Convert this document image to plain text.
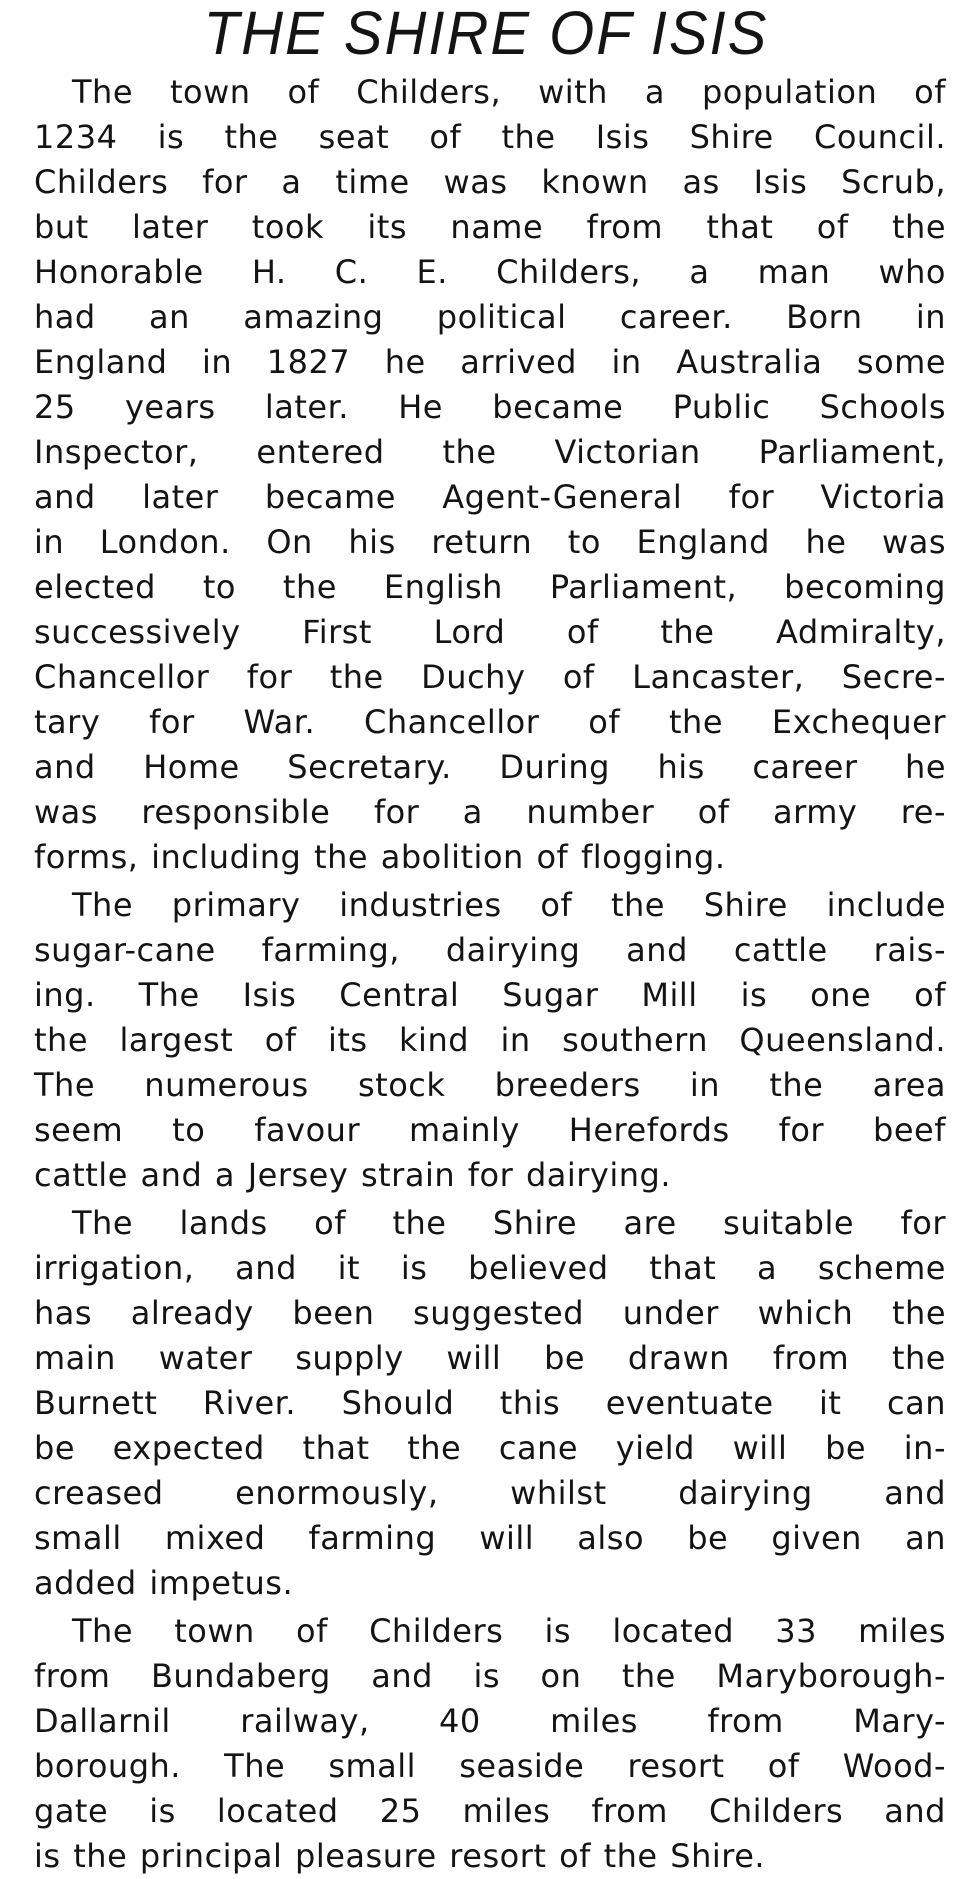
THE SHIRE OF ISIS
The town of Childers, with a population of
1234 is the seat of the Isis Shire Council.
Childers for a time was known as Isis Scrub,
but later took its name from that of the
Honorable H. C. E. Childers, a man who
had an amazing political career. Born in
England in 1827 he arrived in Australia some
25 years later. He became Public Schools
Inspector, entered the Victorian Parliament,
and later became Agent-General for Victoria
in London. On his return to England he was
elected to the English Parliament, becoming
successively First Lord of the Admiralty,
Chancellor for the Duchy of Lancaster, Secre-
tary for War. Chancellor of the Exchequer
and Home Secretary. During his career he
was responsible for a number of army re-
forms, including the abolition of flogging.
The primary industries of the Shire include
sugar-cane farming, dairying and cattle rais-
ing. The Isis Central Sugar Mill is one of
the largest of its kind in southern Queensland.
The numerous stock breeders in the area
seem to favour mainly Herefords for beef
cattle and a Jersey strain for dairying.
The lands of the Shire are suitable for
irrigation, and it is believed that a scheme
has already been suggested under which the
main water supply will be drawn from the
Burnett River. Should this eventuate it can
be expected that the cane yield will be in-
creased enormously, whilst dairying and
small mixed farming will also be given an
added impetus.
The town of Childers is located 33 miles
from Bundaberg and is on the Maryborough-
Dallarnil railway, 40 miles from Mary-
borough. The small seaside resort of Wood-
gate is located 25 miles from Childers and
is the principal pleasure resort of the Shire.
